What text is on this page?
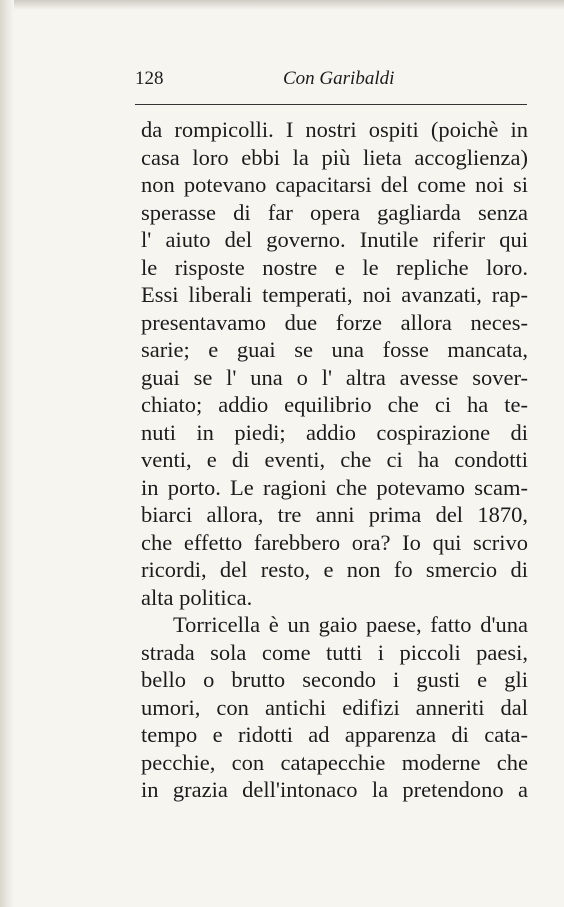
128	Con Garibaldi
da rompicolli. I nostri ospiti (poichè in
casa loro ebbi la più lieta accoglienza)
non potevano capacitarsi del come noi si
sperasse di far opera gagliarda senza
l' aiuto del governo. Inutile riferir qui
le risposte nostre e le repliche loro.
Essi liberali temperati, noi avanzati, rap-
presentavamo due forze allora neces-
sarie; e guai se una fosse mancata,
guai se l' una o l' altra avesse sover-
chiato; addio equilibrio che ci ha te-
nuti in piedi; addio cospirazione di
venti, e di eventi, che ci ha condotti
in porto. Le ragioni che potevamo scam-
biarci allora, tre anni prima del 1870,
che effetto farebbero ora? Io qui scrivo
ricordi, del resto, e non fo smercio di
alta politica.
Torricella è un gaio paese, fatto d'una
strada sola come tutti i piccoli paesi,
bello o brutto secondo i gusti e gli
umori, con antichi edifizi anneriti dal
tempo e ridotti ad apparenza di cata-
pecchie, con catapecchie moderne che
in grazia dell'intonaco la pretendono a
